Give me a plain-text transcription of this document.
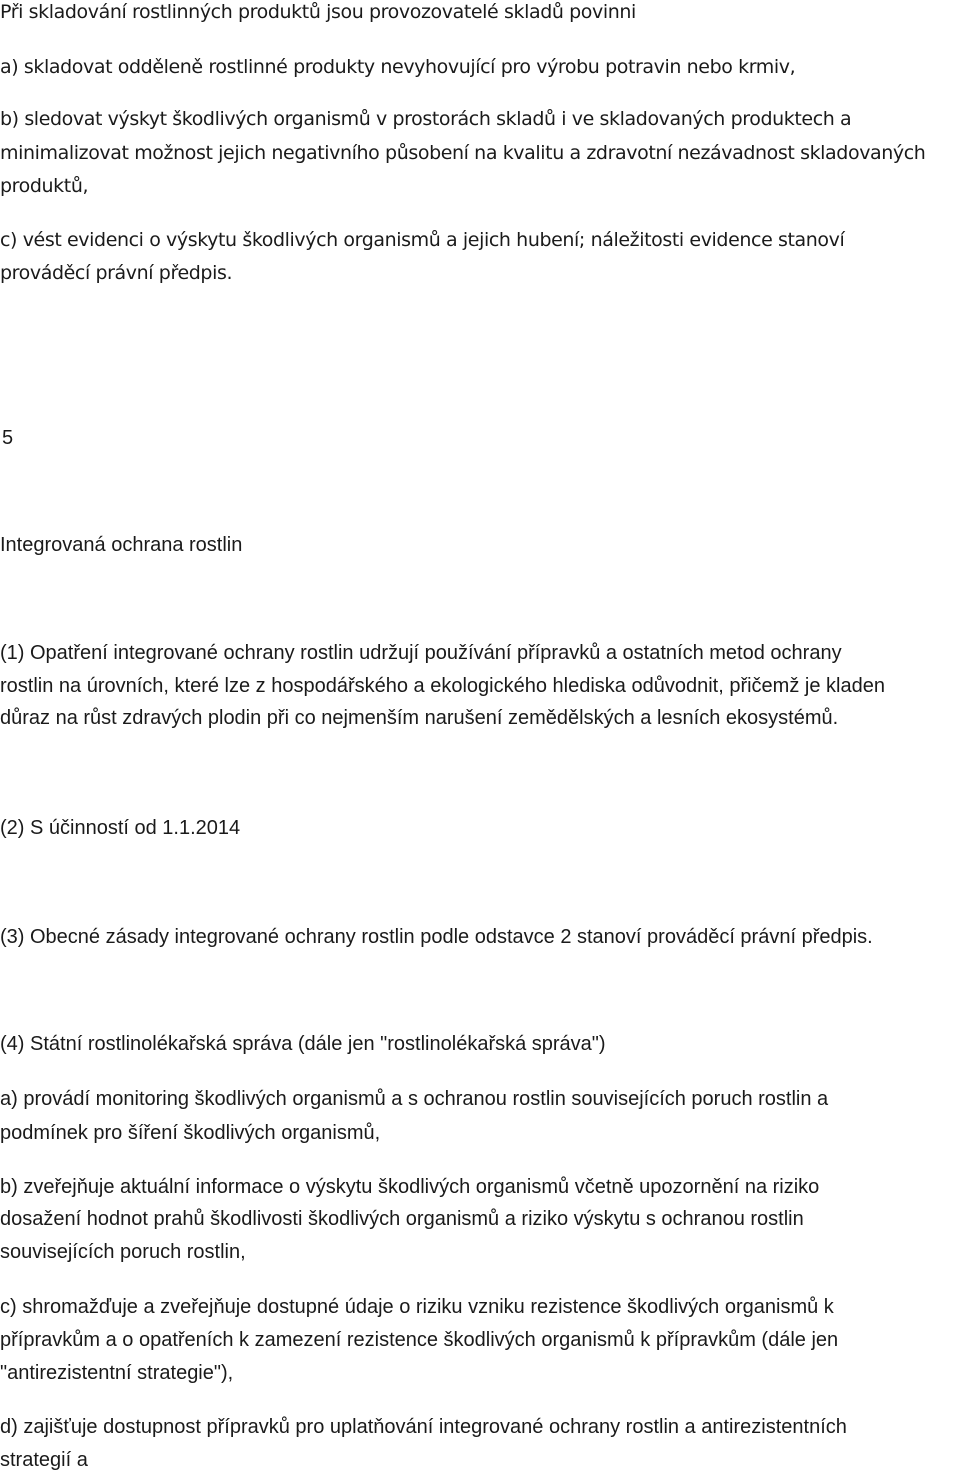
Při skladování rostlinných produktů jsou provozovatelé skladů povinni
a) skladovat odděleně rostlinné produkty nevyhovující pro výrobu potravin nebo krmiv,
b) sledovat výskyt škodlivých organismů v prostorách skladů i ve skladovaných produktech a
minimalizovat možnost jejich negativního působení na kvalitu a zdravotní nezávadnost skladovaných
produktů,
c) vést evidenci o výskytu škodlivých organismů a jejich hubení; náležitosti evidence stanoví
prováděcí právní předpis.
5
Integrovaná ochrana rostlin
(1) Opatření integrované ochrany rostlin udržují používání přípravků a ostatních metod ochrany
rostlin na úrovních, které lze z hospodářského a ekologického hlediska odůvodnit, přičemž je kladen
důraz na růst zdravých plodin při co nejmenším narušení zemědělských a lesních ekosystémů.
(2) S účinností od 1.1.2014
(3) Obecné zásady integrované ochrany rostlin podle odstavce 2 stanoví prováděcí právní předpis.
(4) Státní rostlinolékařská správa (dále jen "rostlinolékařská správa")
a) provádí monitoring škodlivých organismů a s ochranou rostlin souvisejících poruch rostlin a
podmínek pro šíření škodlivých organismů,
b) zveřejňuje aktuální informace o výskytu škodlivých organismů včetně upozornění na riziko
dosažení hodnot prahů škodlivosti škodlivých organismů a riziko výskytu s ochranou rostlin
souvisejících poruch rostlin,
c) shromažďuje a zveřejňuje dostupné údaje o riziku vzniku rezistence škodlivých organismů k
přípravkům a o opatřeních k zamezení rezistence škodlivých organismů k přípravkům (dále jen
"antirezistentní strategie"),
d) zajišťuje dostupnost přípravků pro uplatňování integrované ochrany rostlin a antirezistentních
strategií a
